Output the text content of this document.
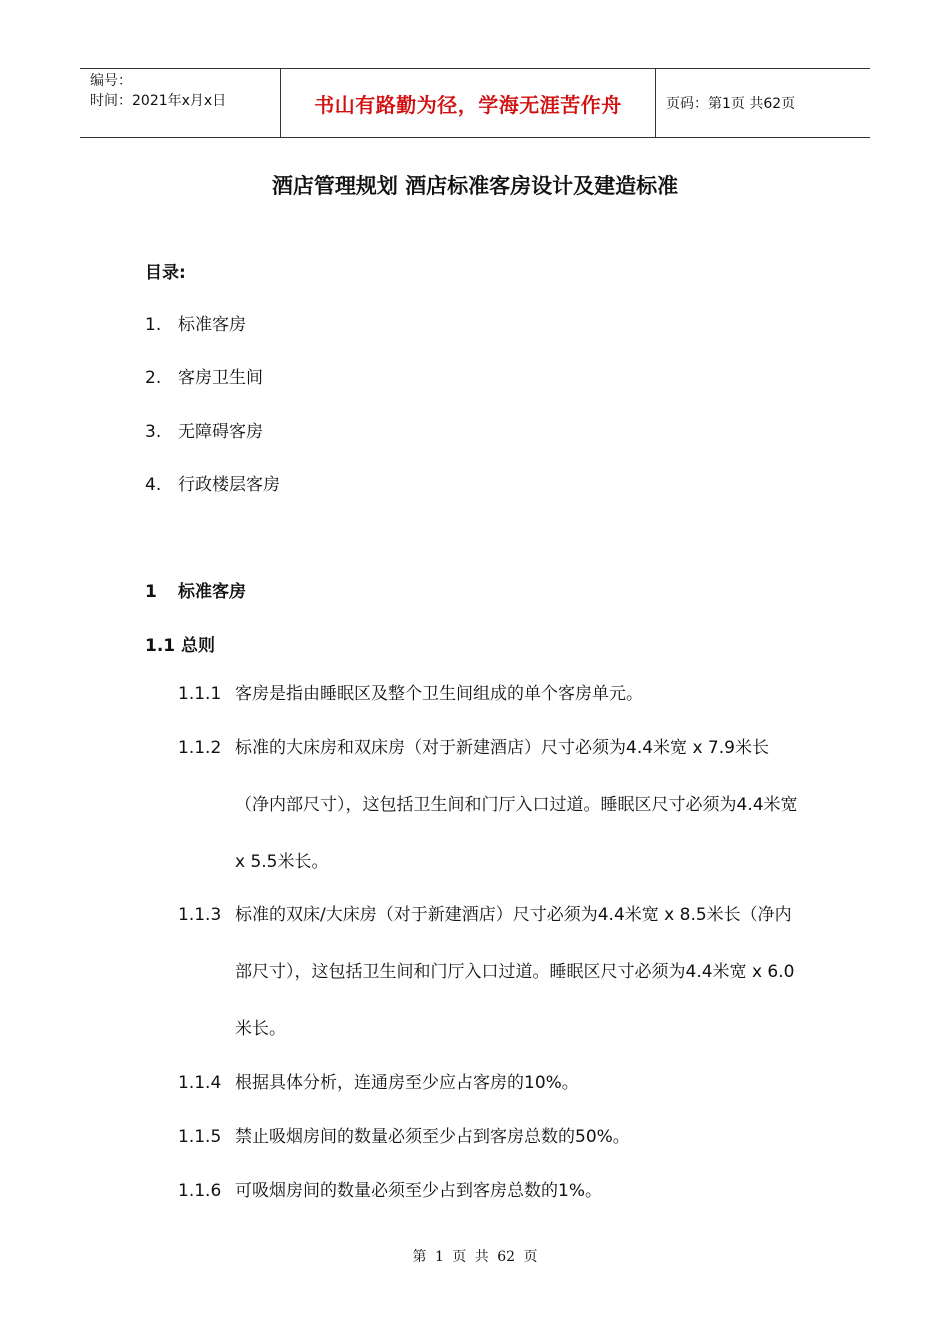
编号：
时间：2021年x月x日	书山有路勤为径，学海无涯苦作舟	页码：第1页 共62页
酒店管理规划 酒店标准客房设计及建造标准
目录:
1. 标准客房
2. 客房卫生间
3. 无障碍客房
4. 行政楼层客房
1 标准客房
1.1 总则
1.1.1 客房是指由睡眠区及整个卫生间组成的单个客房单元。
1.1.2 标准的大床房和双床房（对于新建酒店）尺寸必须为4.4米宽 x 7.9米长（净内部尺寸），这包括卫生间和门厅入口过道。睡眠区尺寸必须为4.4米宽 x 5.5米长。
1.1.3 标准的双床/大床房（对于新建酒店）尺寸必须为4.4米宽 x 8.5米长（净内部尺寸），这包括卫生间和门厅入口过道。睡眠区尺寸必须为4.4米宽 x 6.0米长。
1.1.4 根据具体分析，连通房至少应占客房的10%。
1.1.5 禁止吸烟房间的数量必须至少占到客房总数的50%。
1.1.6 可吸烟房间的数量必须至少占到客房总数的1%。
第 1 页 共 62 页
